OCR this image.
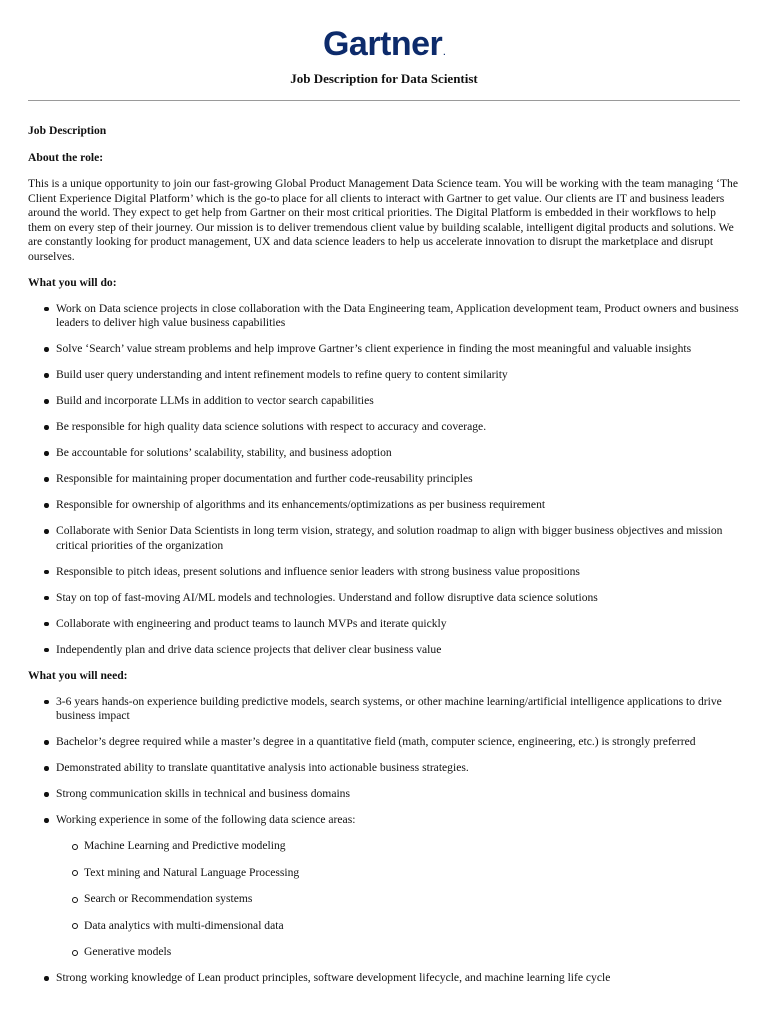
Gartner.
Job Description for Data Scientist

Job Description

About the role:

This is a unique opportunity to join our fast-growing Global Product Management Data Science team. You will be working with the team managing ‘The Client Experience Digital Platform’ which is the go-to place for all clients to interact with Gartner to get value. Our clients are IT and business leaders around the world. They expect to get help from Gartner on their most critical priorities. The Digital Platform is embedded in their workflows to help them on every step of their journey. Our mission is to deliver tremendous client value by building scalable, intelligent digital products and solutions. We are constantly looking for product management, UX and data science leaders to help us accelerate innovation to disrupt the marketplace and disrupt ourselves.

What you will do:

Work on Data science projects in close collaboration with the Data Engineering team, Application development team, Product owners and business leaders to deliver high value business capabilities
Solve ‘Search’ value stream problems and help improve Gartner’s client experience in finding the most meaningful and valuable insights
Build user query understanding and intent refinement models to refine query to content similarity
Build and incorporate LLMs in addition to vector search capabilities
Be responsible for high quality data science solutions with respect to accuracy and coverage.
Be accountable for solutions’ scalability, stability, and business adoption
Responsible for maintaining proper documentation and further code-reusability principles
Responsible for ownership of algorithms and its enhancements/optimizations as per business requirement
Collaborate with Senior Data Scientists in long term vision, strategy, and solution roadmap to align with bigger business objectives and mission critical priorities of the organization
Responsible to pitch ideas, present solutions and influence senior leaders with strong business value propositions
Stay on top of fast-moving AI/ML models and technologies. Understand and follow disruptive data science solutions
Collaborate with engineering and product teams to launch MVPs and iterate quickly
Independently plan and drive data science projects that deliver clear business value

What you will need:

3-6 years hands-on experience building predictive models, search systems, or other machine learning/artificial intelligence applications to drive business impact
Bachelor’s degree required while a master’s degree in a quantitative field (math, computer science, engineering, etc.) is strongly preferred
Demonstrated ability to translate quantitative analysis into actionable business strategies.
Strong communication skills in technical and business domains
Working experience in some of the following data science areas:
Machine Learning and Predictive modeling
Text mining and Natural Language Processing
Search or Recommendation systems
Data analytics with multi-dimensional data
Generative models
Strong working knowledge of Lean product principles, software development lifecycle, and machine learning life cycle
